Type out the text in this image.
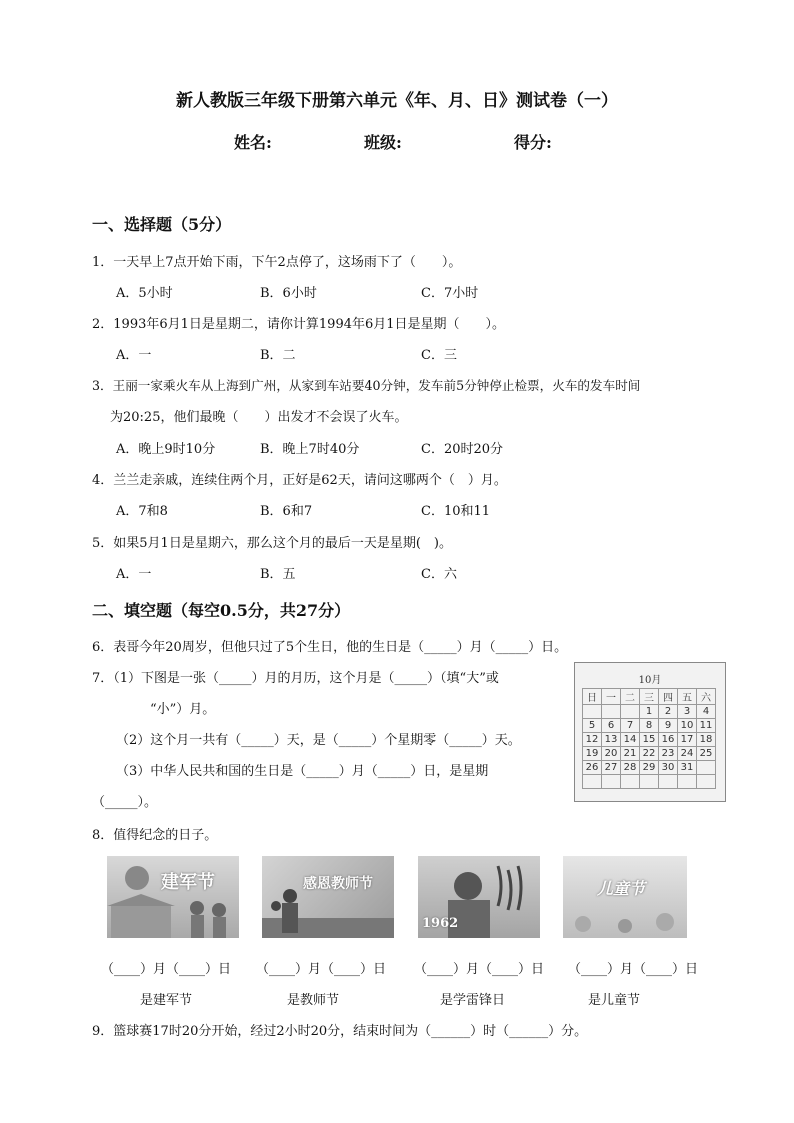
新人教版三年级下册第六单元《年、月、日》测试卷（一）
姓名:	班级:	得分:
一、选择题（5分）
1．一天早上7点开始下雨，下午2点停了，这场雨下了（　　）。
A．5小时	B．6小时	C．7小时
2．1993年6月1日是星期二，请你计算1994年6月1日是星期（　　）。
A．一	B．二	C．三
3．王丽一家乘火车从上海到广州，从家到车站要40分钟，发车前5分钟停止检票，火车的发车时间
为20:25，他们最晚（　　）出发才不会误了火车。
A．晚上9时10分	B．晚上7时40分	C．20时20分
4．兰兰走亲戚，连续住两个月，正好是62天，请问这哪两个（　）月。
A．7和8	B．6和7	C．10和11
5．如果5月1日是星期六，那么这个月的最后一天是星期(　)。
A．一	B．五	C．六
二、填空题（每空0.5分，共27分）
6．表哥今年20周岁，但他只过了5个生日，他的生日是（_____）月（_____）日。
7．（1）下图是一张（_____）月的月历，这个月是（_____）（填“大”或
“小”）月。
（2）这个月一共有（_____）天，是（_____）个星期零（_____）天。
（3）中华人民共和国的生日是（_____）月（_____）日，是星期
（_____）。
10月
日	一	二	三	四	五	六
			1	2	3	4
5	6	7	8	9	10	11
12	13	14	15	16	17	18
19	20	21	22	23	24	25
26	27	28	29	30	31	

8．值得纪念的日子。
建军节	感恩教师节
1962
儿童节
（____）月（____）日 （____）月（____）日 （____）月（____）日 （____）月（____）日
是建军节	是教师节	是学雷锋日	是儿童节
9．篮球赛17时20分开始，经过2小时20分，结束时间为（______）时（______）分。
